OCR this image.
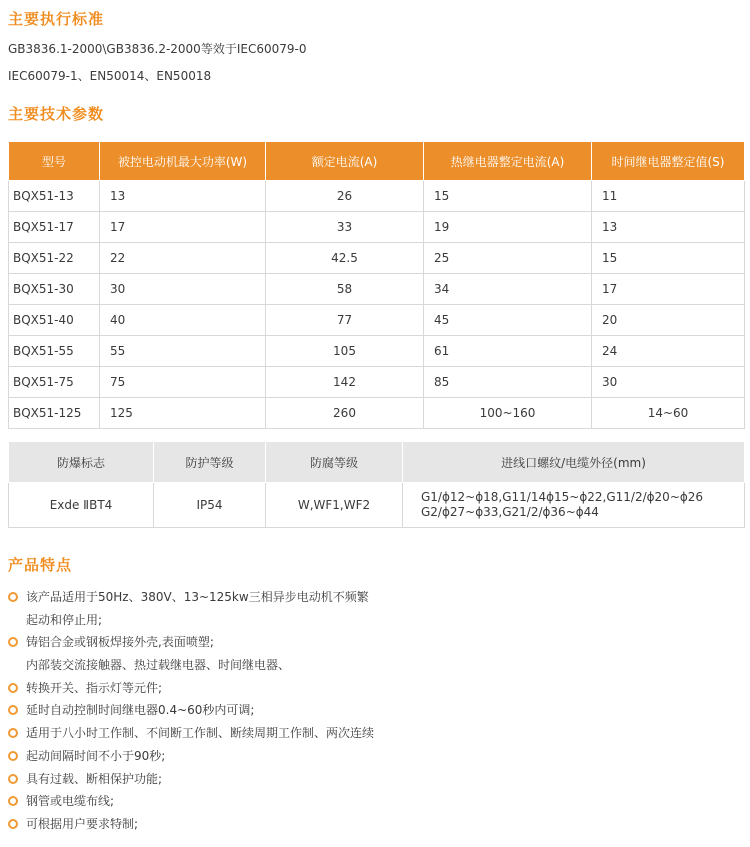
主要执行标准

GB3836.1-2000\GB3836.2-2000等效于IEC60079-0

IEC60079-1、EN50014、EN50018

主要技术参数
型号	被控电动机最大功率(W)	额定电流(A)	热继电器整定电流(A)	时间继电器整定值(S)
BQX51-13	13	26	15	11
BQX51-17	17	33	19	13
BQX51-22	22	42.5	25	15
BQX51-30	30	58	34	17
BQX51-40	40	77	45	20
BQX51-55	55	105	61	24
BQX51-75	75	142	85	30
BQX51-125	125	260	100~160	14~60
防爆标志	防护等级	防腐等级	进线口螺纹/电缆外径(mm)
Exde ⅡBT4	IP54	W,WF1,WF2	G1/ϕ12~ϕ18,G11/14ϕ15~ϕ22,G11/2/ϕ20~ϕ26
G2/ϕ27~ϕ33,G21/2/ϕ36~ϕ44
产品特点
该产品适用于50Hz、380V、13~125kw三相异步电动机不频繁
起动和停止用;
铸铝合金或钢板焊接外壳,表面喷塑;
内部装交流接触器、热过载继电器、时间继电器、
转换开关、指示灯等元件;
延时自动控制时间继电器0.4~60秒内可调;
适用于八小时工作制、不间断工作制、断续周期工作制、两次连续
起动间隔时间不小于90秒;
具有过载、断相保护功能;
钢管或电缆布线;
可根据用户要求特制;
